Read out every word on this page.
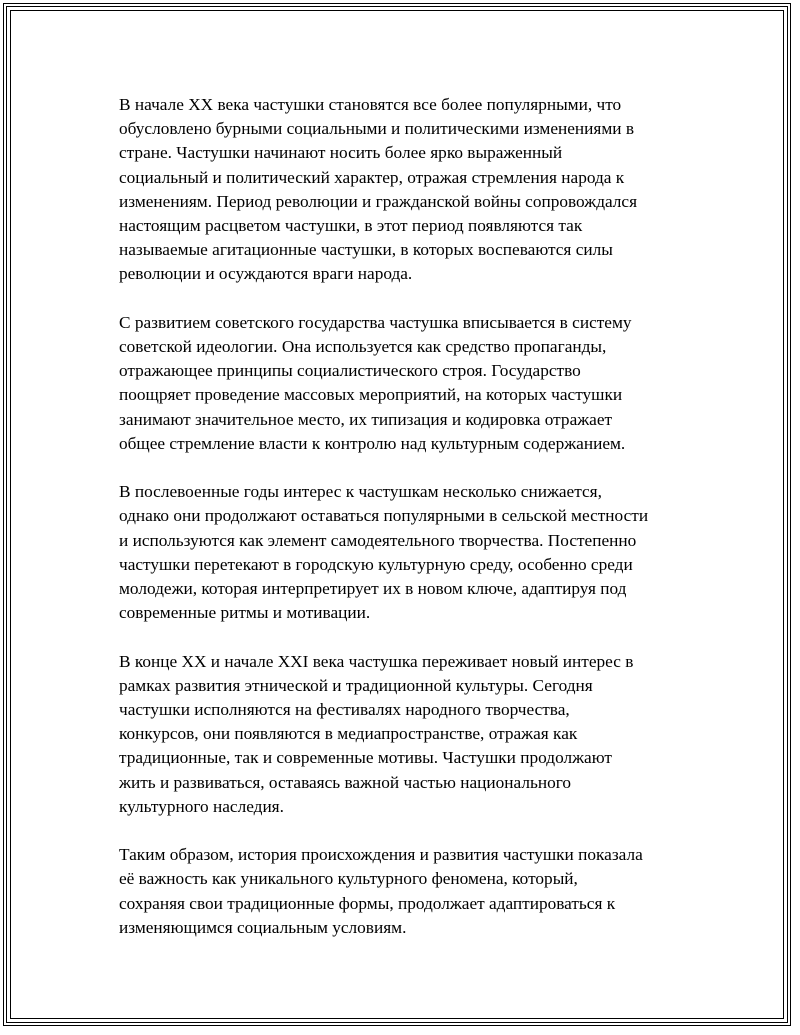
В начале XX века частушки становятся все более популярными, что
обусловлено бурными социальными и политическими изменениями в
стране. Частушки начинают носить более ярко выраженный
социальный и политический характер, отражая стремления народа к
изменениям. Период революции и гражданской войны сопровождался
настоящим расцветом частушки, в этот период появляются так
называемые агитационные частушки, в которых воспеваются силы
революции и осуждаются враги народа.

С развитием советского государства частушка вписывается в систему
советской идеологии. Она используется как средство пропаганды,
отражающее принципы социалистического строя. Государство
поощряет проведение массовых мероприятий, на которых частушки
занимают значительное место, их типизация и кодировка отражает
общее стремление власти к контролю над культурным содержанием.

В послевоенные годы интерес к частушкам несколько снижается,
однако они продолжают оставаться популярными в сельской местности
и используются как элемент самодеятельного творчества. Постепенно
частушки перетекают в городскую культурную среду, особенно среди
молодежи, которая интерпретирует их в новом ключе, адаптируя под
современные ритмы и мотивации.

В конце XX и начале XXI века частушка переживает новый интерес в
рамках развития этнической и традиционной культуры. Сегодня
частушки исполняются на фестивалях народного творчества,
конкурсов, они появляются в медиапространстве, отражая как
традиционные, так и современные мотивы. Частушки продолжают
жить и развиваться, оставаясь важной частью национального
культурного наследия.

Таким образом, история происхождения и развития частушки показала
её важность как уникального культурного феномена, который,
сохраняя свои традиционные формы, продолжает адаптироваться к
изменяющимся социальным условиям.
